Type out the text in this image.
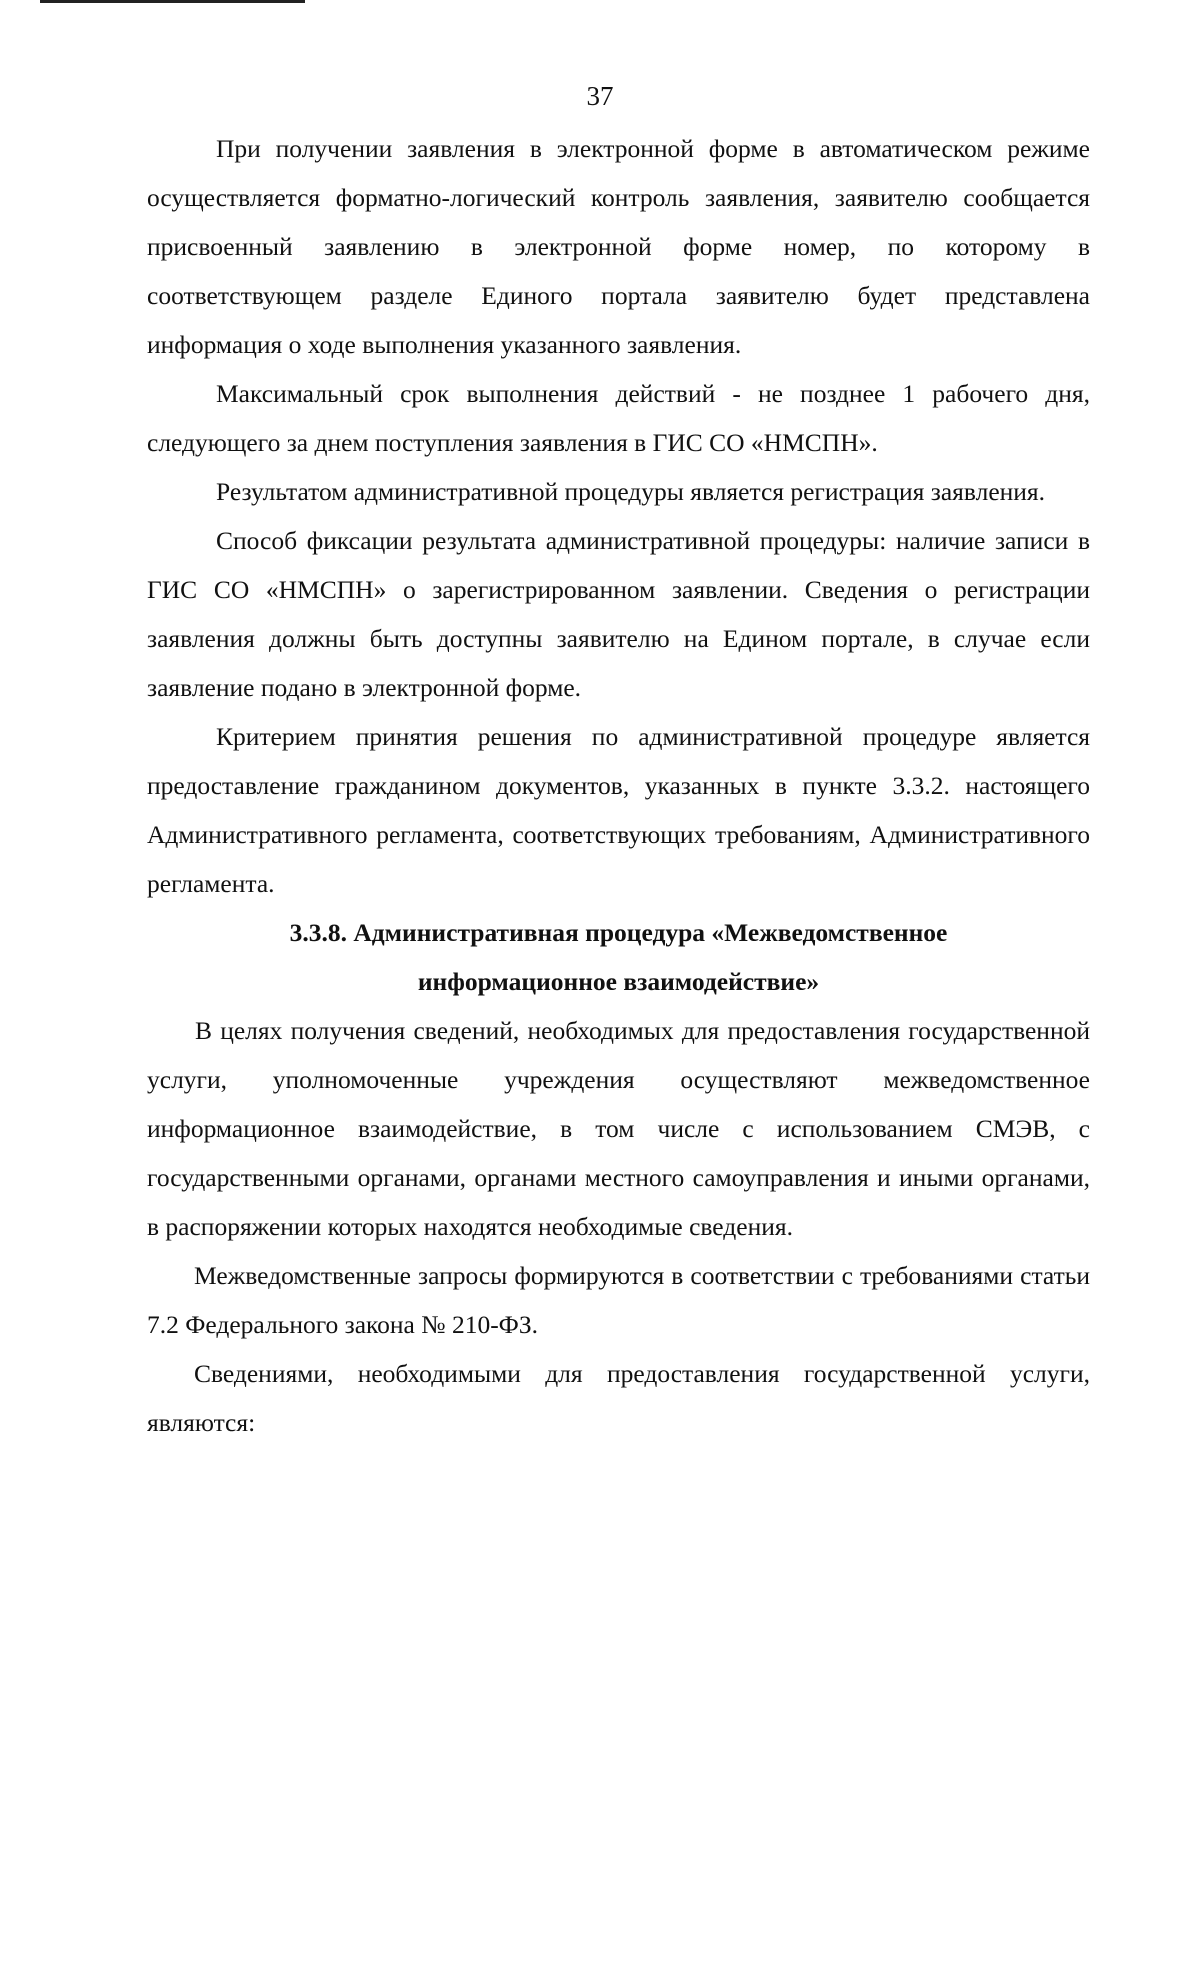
37

При получении заявления в электронной форме в автоматическом режиме осуществляется форматно-логический контроль заявления, заявителю сообщается присвоенный заявлению в электронной форме номер, по которому в соответствующем разделе Единого портала заявителю будет представлена информация о ходе выполнения указанного заявления.

Максимальный срок выполнения действий - не позднее 1 рабочего дня, следующего за днем поступления заявления в ГИС СО «НМСПН».

Результатом административной процедуры является регистрация заявления.

Способ фиксации результата административной процедуры: наличие записи в ГИС СО «НМСПН» о зарегистрированном заявлении. Сведения о регистрации заявления должны быть доступны заявителю на Едином портале, в случае если заявление подано в электронной форме.

Критерием принятия решения по административной процедуре является предоставление гражданином документов, указанных в пункте 3.3.2. настоящего Административного регламента, соответствующих требованиям, Административного регламента.

3.3.8. Административная процедура «Межведомственное
информационное взаимодействие»

В целях получения сведений, необходимых для предоставления государственной услуги, уполномоченные учреждения осуществляют межведомственное информационное взаимодействие, в том числе с использованием СМЭВ, с государственными органами, органами местного самоуправления и иными органами, в распоряжении которых находятся необходимые сведения.

Межведомственные запросы формируются в соответствии с требованиями статьи 7.2 Федерального закона № 210-ФЗ.

Сведениями, необходимыми для предоставления государственной услуги, являются:
